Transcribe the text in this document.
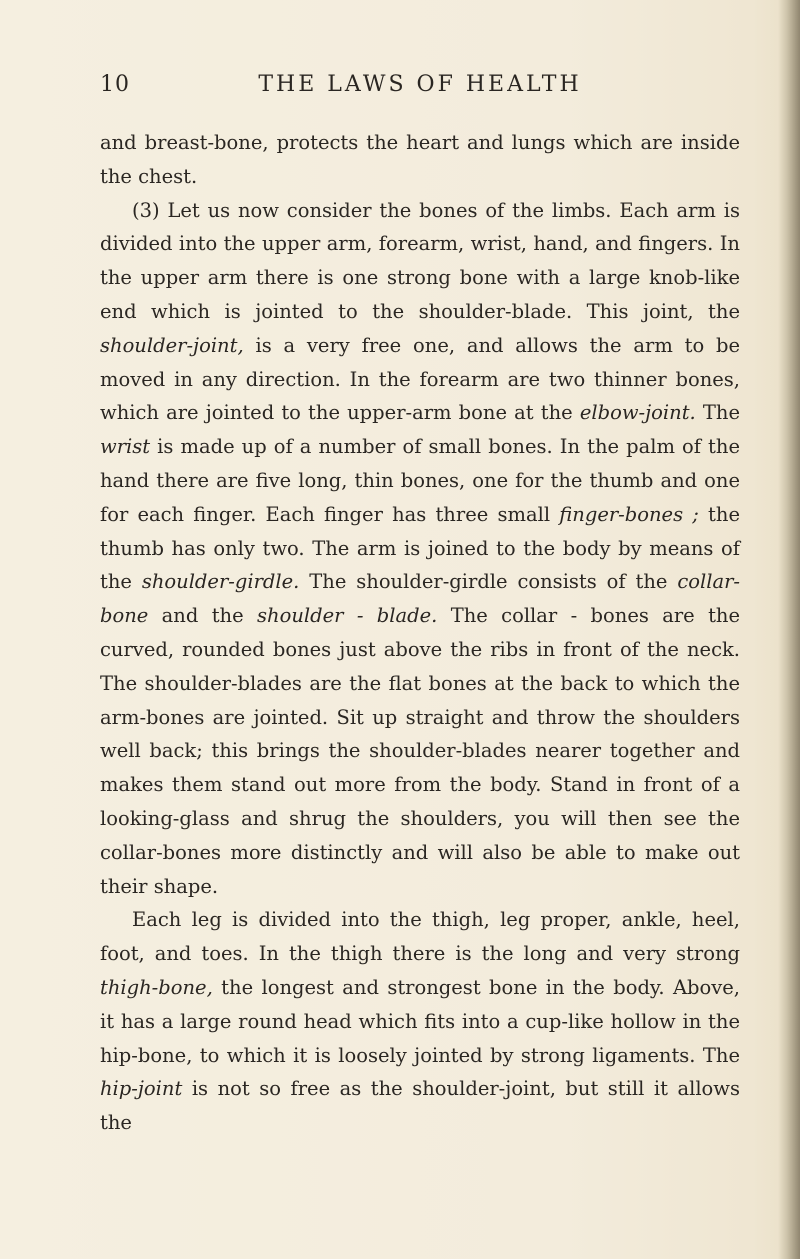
10	THE LAWS OF HEALTH

and breast-bone, protects the heart and lungs which are inside the chest.

(3) Let us now consider the bones of the limbs. Each arm is divided into the upper arm, forearm, wrist, hand, and fingers. In the upper arm there is one strong bone with a large knob-like end which is jointed to the shoulder-blade. This joint, the shoulder-joint, is a very free one, and allows the arm to be moved in any direction. In the forearm are two thinner bones, which are jointed to the upper-arm bone at the elbow-joint. The wrist is made up of a number of small bones. In the palm of the hand there are five long, thin bones, one for the thumb and one for each finger. Each finger has three small finger-bones ; the thumb has only two. The arm is joined to the body by means of the shoulder-girdle. The shoulder-girdle consists of the collar-bone and the shoulder - blade. The collar - bones are the curved, rounded bones just above the ribs in front of the neck. The shoulder-blades are the flat bones at the back to which the arm-bones are jointed. Sit up straight and throw the shoulders well back; this brings the shoulder-blades nearer together and makes them stand out more from the body. Stand in front of a looking-glass and shrug the shoulders, you will then see the collar-bones more distinctly and will also be able to make out their shape.

Each leg is divided into the thigh, leg proper, ankle, heel, foot, and toes. In the thigh there is the long and very strong thigh-bone, the longest and strongest bone in the body. Above, it has a large round head which fits into a cup-like hollow in the hip-bone, to which it is loosely jointed by strong ligaments. The hip-joint is not so free as the shoulder-joint, but still it allows the
